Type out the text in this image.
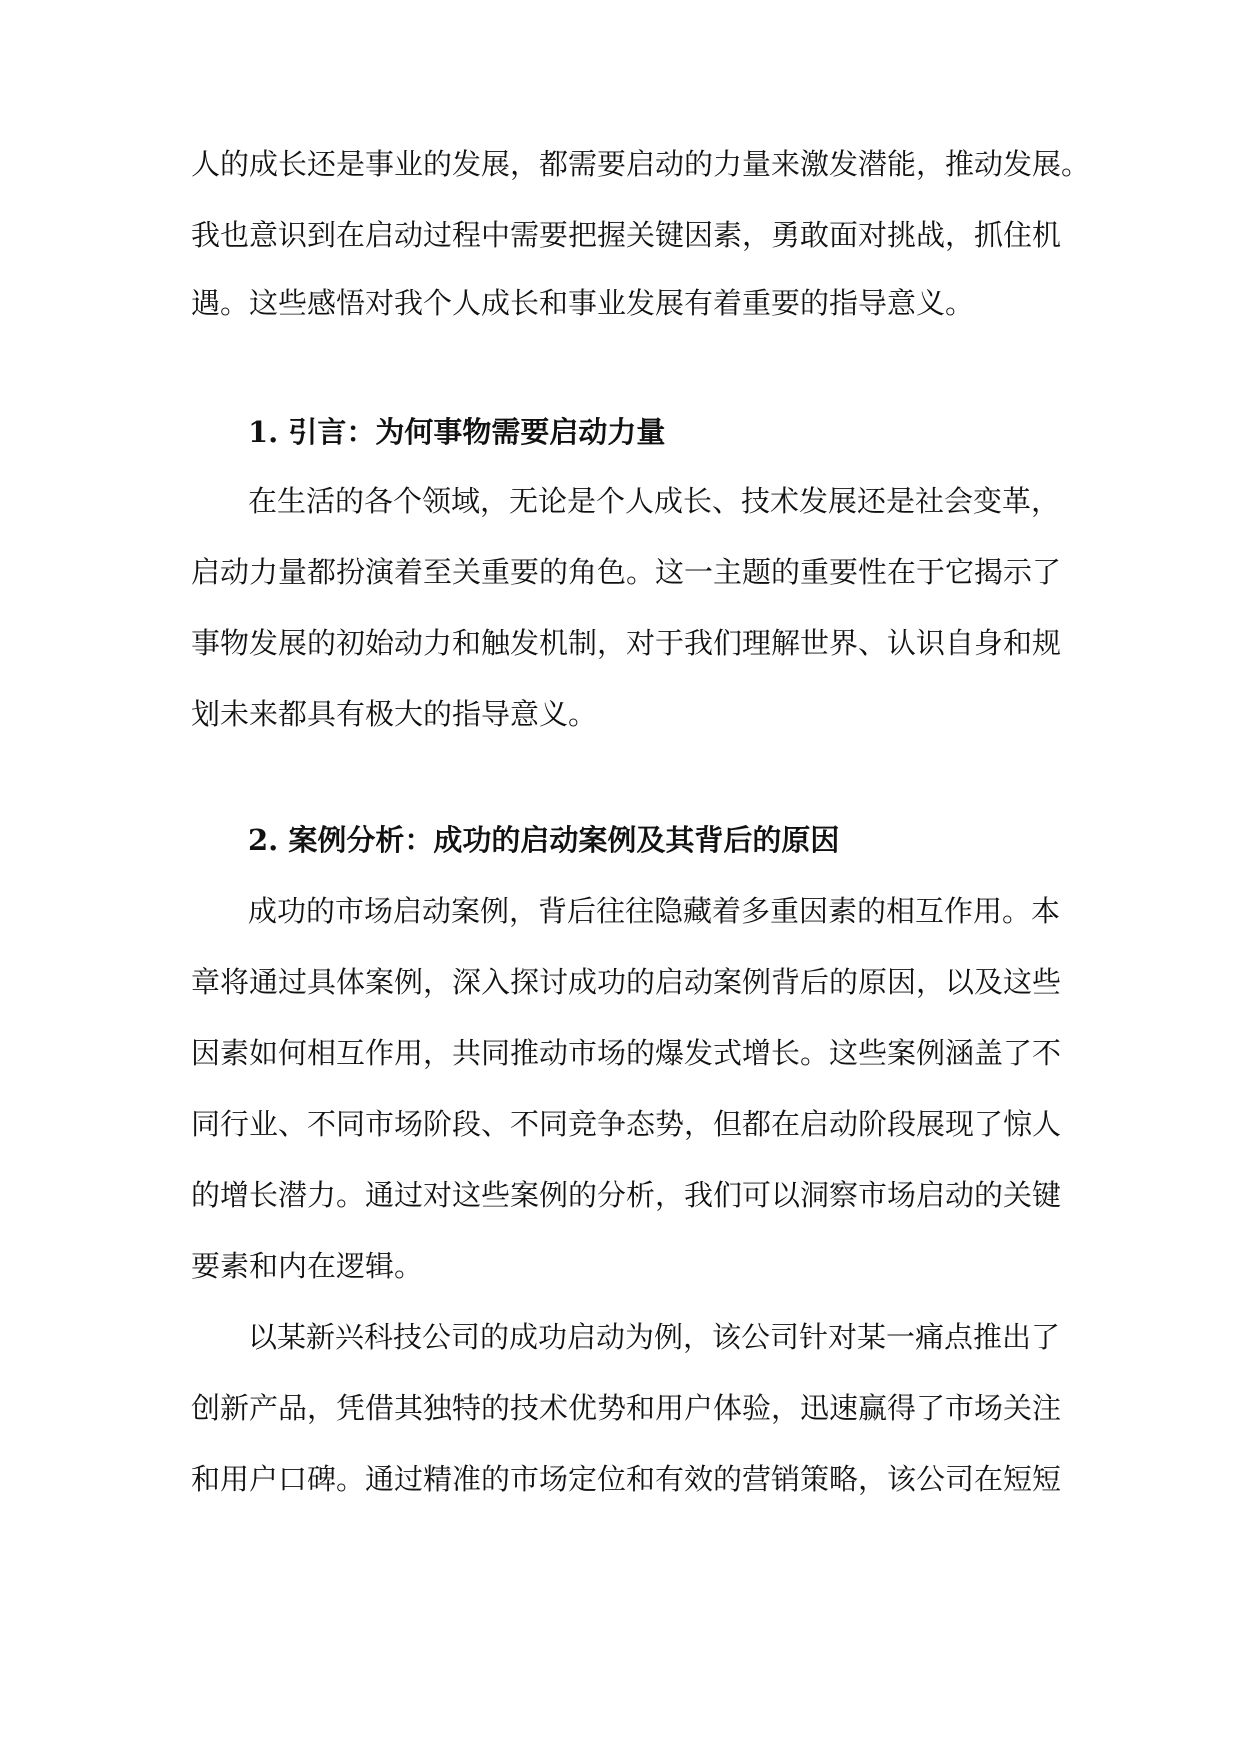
人的成长还是事业的发展，都需要启动的力量来激发潜能，推动发展。
我也意识到在启动过程中需要把握关键因素，勇敢面对挑战，抓住机
遇。这些感悟对我个人成长和事业发展有着重要的指导意义。
1. 引言：为何事物需要启动力量
在生活的各个领域，无论是个人成长、技术发展还是社会变革，
启动力量都扮演着至关重要的角色。这一主题的重要性在于它揭示了
事物发展的初始动力和触发机制，对于我们理解世界、认识自身和规
划未来都具有极大的指导意义。
2. 案例分析：成功的启动案例及其背后的原因
成功的市场启动案例，背后往往隐藏着多重因素的相互作用。本
章将通过具体案例，深入探讨成功的启动案例背后的原因，以及这些
因素如何相互作用，共同推动市场的爆发式增长。这些案例涵盖了不
同行业、不同市场阶段、不同竞争态势，但都在启动阶段展现了惊人
的增长潜力。通过对这些案例的分析，我们可以洞察市场启动的关键
要素和内在逻辑。
以某新兴科技公司的成功启动为例，该公司针对某一痛点推出了
创新产品，凭借其独特的技术优势和用户体验，迅速赢得了市场关注
和用户口碑。通过精准的市场定位和有效的营销策略，该公司在短短
